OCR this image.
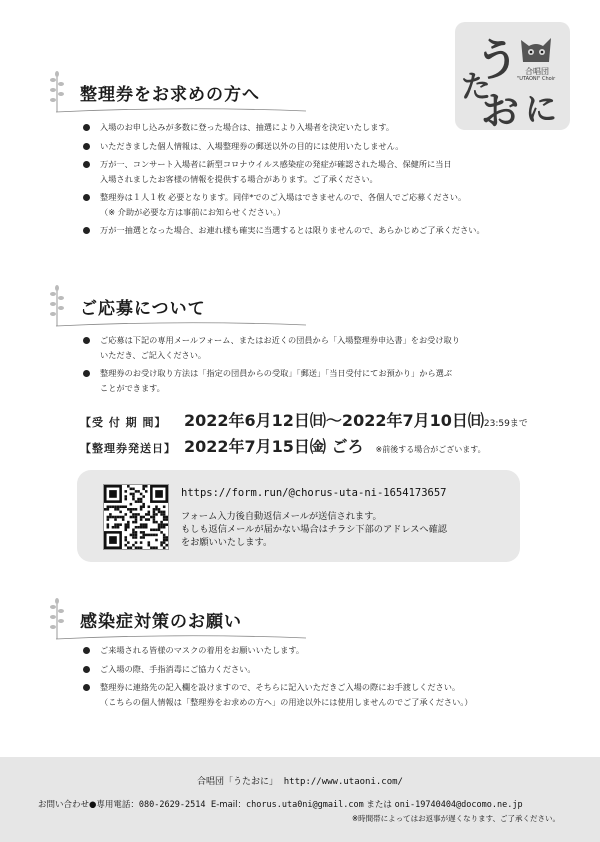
う
た
お に
合唱団
"UTAONI" Choir
整理券をお求めの方へ
入場のお申し込みが多数に登った場合は、抽選により入場者を決定いたします。
いただきました個人情報は、入場整理券の郵送以外の目的には使用いたしません。
万が一、コンサート入場者に新型コロナウイルス感染症の発症が確認された場合、保健所に当日
入場されましたお客様の情報を提供する場合があります。ご了承ください。
整理券は１人１枚 必要となります。同伴*でのご入場はできませんので、各個人でご応募ください。
（※ 介助が必要な方は事前にお知らせください。）
万が一抽選となった場合、お連れ様も確実に当選するとは限りませんので、あらかじめご了承ください。
ご応募について
ご応募は下記の専用メールフォーム、またはお近くの団員から「入場整理券申込書」をお受け取り
いただき、ご記入ください。
整理券のお受け取り方法は「指定の団員からの受取」「郵送」「当日受付にてお預かり」から選ぶ
ことができます。
【受 付 期 間】 2022年6月12日㈰～2022年7月10日㈰23:59まで
【整理券発送日】 2022年7月15日㈮ ごろ ※前後する場合がございます。
https://form.run/@chorus-uta-ni-1654173657
フォーム入力後自動返信メールが送信されます。
もしも返信メールが届かない場合はチラシ下部のアドレスへ確認
をお願いいたします。
感染症対策のお願い
ご来場される皆様のマスクの着用をお願いいたします。
ご入場の際、手指消毒にご協力ください。
整理券に連絡先の記入欄を設けますので、そちらに記入いただきご入場の際にお手渡しください。
（こちらの個人情報は「整理券をお求めの方へ」の用途以外には使用しませんのでご了承ください。）
合唱団「うたおに」 http://www.utaoni.com/
お問い合わせ●専用電話：080-2629-2514 E-mail：chorus.uta0ni@gmail.com または oni-19740404@docomo.ne.jp
※時間帯によってはお返事が遅くなります、ご了承ください。
